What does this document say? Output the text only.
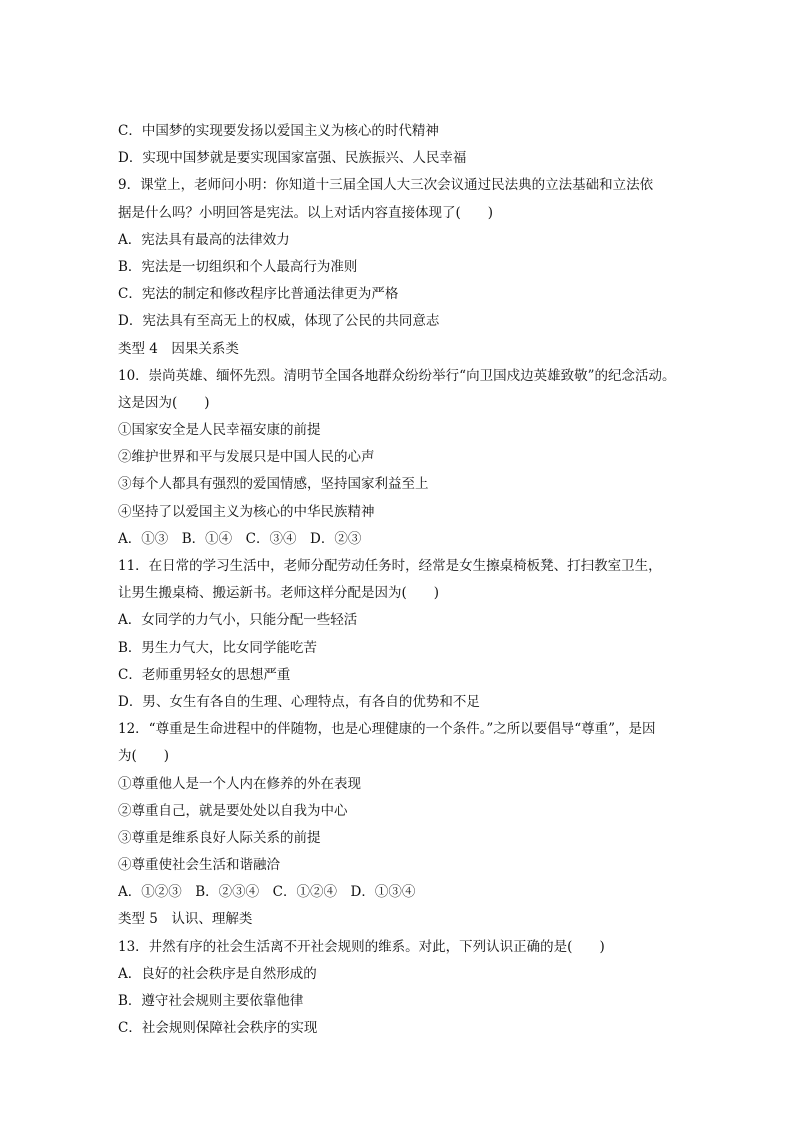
C．中国梦的实现要发扬以爱国主义为核心的时代精神
D．实现中国梦就是要实现国家富强、民族振兴、人民幸福
9．课堂上，老师问小明：你知道十三届全国人大三次会议通过民法典的立法基础和立法依
据是什么吗？小明回答是宪法。以上对话内容直接体现了(　　)
A．宪法具有最高的法律效力
B．宪法是一切组织和个人最高行为准则
C．宪法的制定和修改程序比普通法律更为严格
D．宪法具有至高无上的权威，体现了公民的共同意志
类型 4　因果关系类
10．崇尚英雄、缅怀先烈。清明节全国各地群众纷纷举行“向卫国戍边英雄致敬”的纪念活动。
这是因为(　　)
①国家安全是人民幸福安康的前提
②维护世界和平与发展只是中国人民的心声
③每个人都具有强烈的爱国情感，坚持国家利益至上
④坚持了以爱国主义为核心的中华民族精神
A．①③　B．①④　C．③④　D．②③
11．在日常的学习生活中，老师分配劳动任务时，经常是女生擦桌椅板凳、打扫教室卫生，
让男生搬桌椅、搬运新书。老师这样分配是因为(　　)
A．女同学的力气小，只能分配一些轻活
B．男生力气大，比女同学能吃苦
C．老师重男轻女的思想严重
D．男、女生有各自的生理、心理特点，有各自的优势和不足
12．“尊重是生命进程中的伴随物，也是心理健康的一个条件。”之所以要倡导“尊重”，是因
为(　　)
①尊重他人是一个人内在修养的外在表现
②尊重自己，就是要处处以自我为中心
③尊重是维系良好人际关系的前提
④尊重使社会生活和谐融洽
A．①②③　B．②③④　C．①②④　D．①③④
类型 5　认识、理解类
13．井然有序的社会生活离不开社会规则的维系。对此，下列认识正确的是(　　)
A．良好的社会秩序是自然形成的
B．遵守社会规则主要依靠他律
C．社会规则保障社会秩序的实现
